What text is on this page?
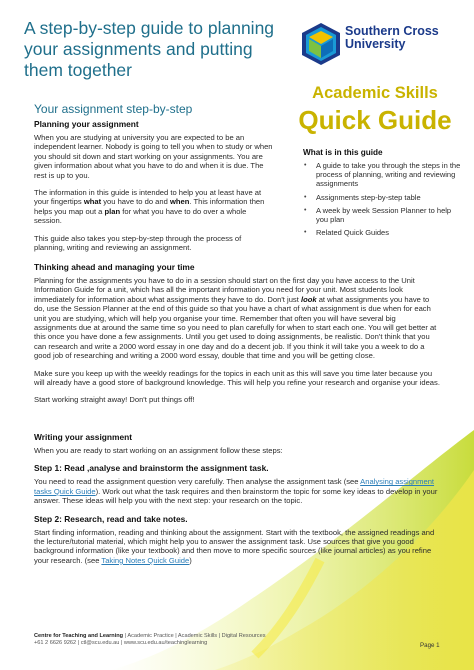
A step-by-step guide to planning
your assignments and putting
them together
Southern Cross
University
Academic Skills
Quick Guide
Your assignment step-by-step
Planning your assignment

When you are studying at university you are expected to be an independent learner. Nobody is going to tell you when to study or when you should sit down and start working on your assignments. You are given information about what you have to do and when it is due. The rest is up to you.

The information in this guide is intended to help you at least have at your fingertips what you have to do and when. This information then helps you map out a plan for what you have to do over a whole session.

This guide also takes you step-by-step through the process of planning, writing and reviewing an assignment.

What is in this guide
• A guide to take you through the steps in the process of planning, writing and reviewing assignments
• Assignments step-by-step table
• A week by week Session Planner to help you plan
• Related Quick Guides
Thinking ahead and managing your time

Planning for the assignments you have to do in a session should start on the first day you have access to the Unit Information Guide for a unit, which has all the important information you need for your unit. Most students look immediately for information about what assignments they have to do. Don't just look at what assignments you have to do, use the Session Planner at the end of this guide so that you have a chart of what assignment is due when for each unit you are studying, which will help you organise your time. Remember that often you will have several big assignments due at around the same time so you need to plan carefully for when to start each one. You will get better at this once you have done a few assignments. Until you get used to doing assignments, be realistic. Don't think that you can research and write a 2000 word essay in one day and do a decent job. If you think it will take you a week to do a good job of researching and writing a 2000 word essay, double that time and you will be getting close.

Make sure you keep up with the weekly readings for the topics in each unit as this will save you time later because you will already have a good store of background knowledge. This will help you refine your research and organise your ideas.

Start working straight away! Don't put things off!

Writing your assignment

When you are ready to start working on an assignment follow these steps:

Step 1: Read ,analyse and brainstorm the assignment task.

You need to read the assignment question very carefully. Then analyse the assignment task (see Analysing assignment tasks Quick Guide). Work out what the task requires and then brainstorm the topic for some key ideas to develop in your answer. These ideas will help you with the next step: your research on the topic.

Step 2: Research, read and take notes.

Start finding information, reading and thinking about the assignment. Start with the textbook, the assigned readings and the lecture/tutorial material, which might help you to answer the assignment task. Use sources that give you good background information (like your textbook) and then move to more specific sources (like journal articles) as you refine your research. (see Taking Notes Quick Guide)

Centre for Teaching and Learning | Academic Practice | Academic Skills | Digital Resources
+61 2 6626 9262 | ctl@scu.edu.au | www.scu.edu.au/teachinglearning	Page 1
